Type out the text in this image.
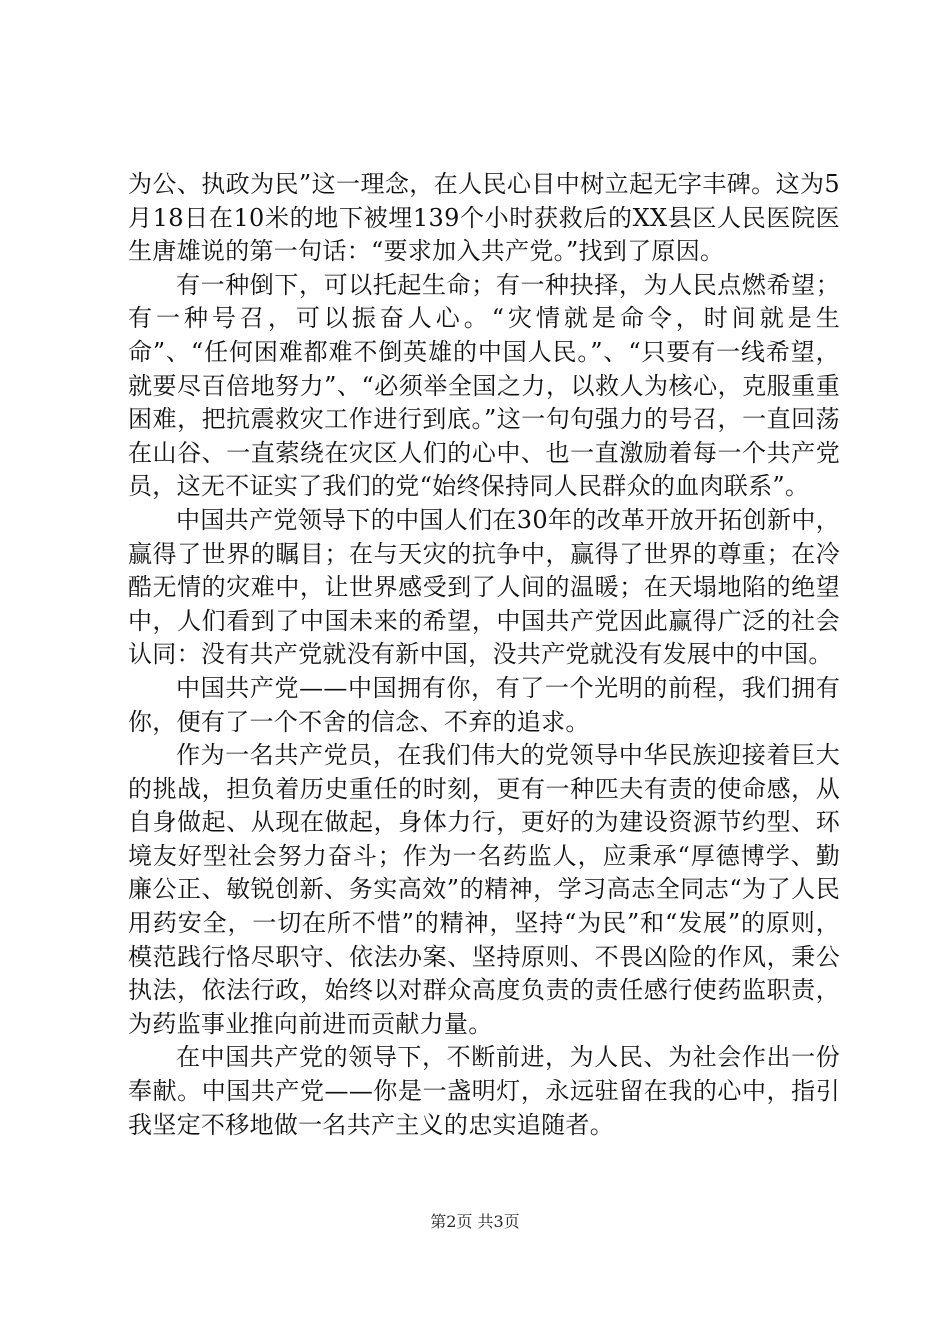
为公、执政为民”这一理念，在人民心目中树立起无字丰碑。这为5月18日在10米的地下被埋139个小时获救后的XX县区人民医院医生唐雄说的第一句话：“要求加入共产党。”找到了原因。

有一种倒下，可以托起生命；有一种抉择，为人民点燃希望；有一种号召，可以振奋人心。“灾情就是命令，时间就是生命”、“任何困难都难不倒英雄的中国人民。”、“只要有一线希望，就要尽百倍地努力”、“必须举全国之力，以救人为核心，克服重重困难，把抗震救灾工作进行到底。”这一句句强力的号召，一直回荡在山谷、一直萦绕在灾区人们的心中、也一直激励着每一个共产党员，这无不证实了我们的党“始终保持同人民群众的血肉联系”。

中国共产党领导下的中国人们在30年的改革开放开拓创新中，赢得了世界的瞩目；在与天灾的抗争中，赢得了世界的尊重；在冷酷无情的灾难中，让世界感受到了人间的温暖；在天塌地陷的绝望中，人们看到了中国未来的希望，中国共产党因此赢得广泛的社会认同：没有共产党就没有新中国，没共产党就没有发展中的中国。

中国共产党——中国拥有你，有了一个光明的前程，我们拥有你，便有了一个不舍的信念、不弃的追求。

作为一名共产党员，在我们伟大的党领导中华民族迎接着巨大的挑战，担负着历史重任的时刻，更有一种匹夫有责的使命感，从自身做起、从现在做起，身体力行，更好的为建设资源节约型、环境友好型社会努力奋斗；作为一名药监人，应秉承“厚德博学、勤廉公正、敏锐创新、务实高效”的精神，学习高志全同志“为了人民用药安全，一切在所不惜”的精神，坚持“为民”和“发展”的原则，模范践行恪尽职守、依法办案、坚持原则、不畏凶险的作风，秉公执法，依法行政，始终以对群众高度负责的责任感行使药监职责，为药监事业推向前进而贡献力量。

在中国共产党的领导下，不断前进，为人民、为社会作出一份奉献。中国共产党——你是一盏明灯，永远驻留在我的心中，指引我坚定不移地做一名共产主义的忠实追随者。

第2页 共3页
